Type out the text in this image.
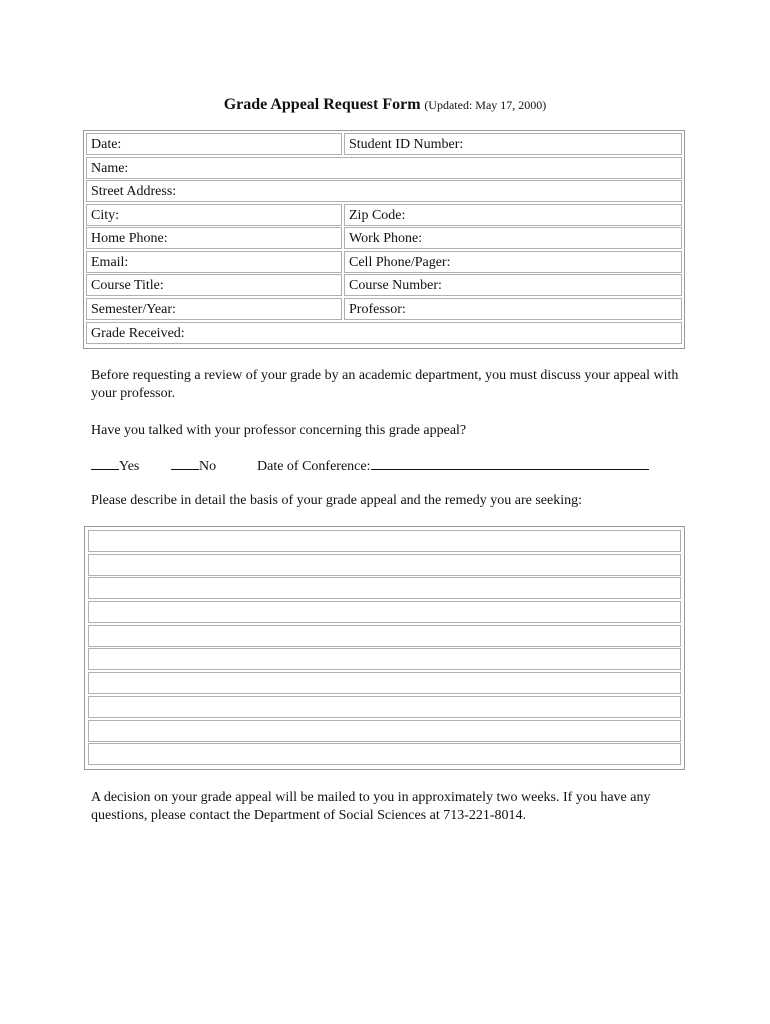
Grade Appeal Request Form (Updated: May 17, 2000)
Date:	Student ID Number:
Name:
Street Address:
City:	Zip Code:
Home Phone:	Work Phone:
Email:	Cell Phone/Pager:
Course Title:	Course Number:
Semester/Year:	Professor:
Grade Received:
Before requesting a review of your grade by an academic department, you must discuss your appeal with your professor.
Have you talked with your professor concerning this grade appeal?
Yes	No	Date of Conference:
Please describe in detail the basis of your grade appeal and the remedy you are seeking:
A decision on your grade appeal will be mailed to you in approximately two weeks. If you have any questions, please contact the Department of Social Sciences at 713-221-8014.
